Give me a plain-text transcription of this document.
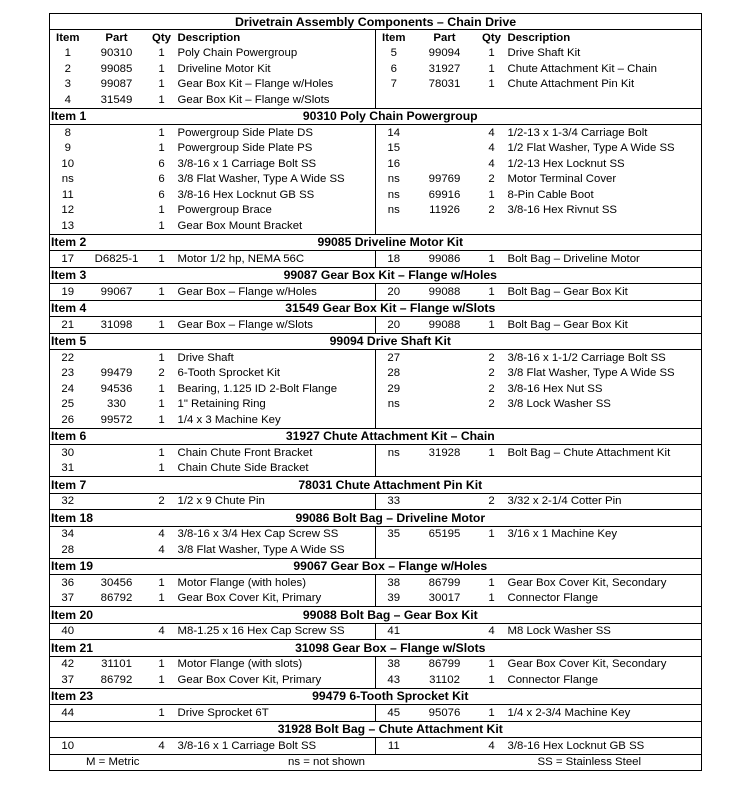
Drivetrain Assembly Components – Chain Drive							
Item	Part	Qty	Description	Item	Part	Qty	Description
1	90310	1	Poly Chain Powergroup	5	99094	1	Drive Shaft Kit
2	99085	1	Driveline Motor Kit	6	31927	1	Chute Attachment Kit – Chain
3	99087	1	Gear Box Kit – Flange w/Holes	7	78031	1	Chute Attachment Pin Kit
4	31549	1	Gear Box Kit – Flange w/Slots				
Item 1		90310 Poly Chain Powergroup					
8		1	Powergroup Side Plate DS	14		4	1/2-13 x 1-3/4 Carriage Bolt
9		1	Powergroup Side Plate PS	15		4	1/2 Flat Washer, Type A Wide SS
10		6	3/8-16 x 1 Carriage Bolt SS	16		4	1/2-13 Hex Locknut SS
ns		6	3/8 Flat Washer, Type A Wide SS	ns	99769	2	Motor Terminal Cover
11		6	3/8-16 Hex Locknut GB SS	ns	69916	1	8-Pin Cable Boot
12		1	Powergroup Brace	ns	11926	2	3/8-16 Hex Rivnut SS
13		1	Gear Box Mount Bracket				
Item 2		99085 Driveline Motor Kit					
17	D6825-1	1	Motor 1/2 hp, NEMA 56C	18	99086	1	Bolt Bag – Driveline Motor
Item 3		99087 Gear Box Kit – Flange w/Holes					
19	99067	1	Gear Box – Flange w/Holes	20	99088	1	Bolt Bag – Gear Box Kit
Item 4		31549 Gear Box Kit – Flange w/Slots					
21	31098	1	Gear Box – Flange w/Slots	20	99088	1	Bolt Bag – Gear Box Kit
Item 5		99094 Drive Shaft Kit					
22		1	Drive Shaft	27		2	3/8-16 x 1-1/2 Carriage Bolt SS
23	99479	2	6-Tooth Sprocket Kit	28		2	3/8 Flat Washer, Type A Wide SS
24	94536	1	Bearing, 1.125 ID 2-Bolt Flange	29		2	3/8-16 Hex Nut SS
25	330	1	1" Retaining Ring	ns		2	3/8 Lock Washer SS
26	99572	1	1/4 x 3 Machine Key				
Item 6		31927 Chute Attachment Kit – Chain					
30		1	Chain Chute Front Bracket	ns	31928	1	Bolt Bag – Chute Attachment Kit
31		1	Chain Chute Side Bracket				
Item 7		78031 Chute Attachment Pin Kit					
32		2	1/2 x 9 Chute Pin	33		2	3/32 x 2-1/4 Cotter Pin
Item 18		99086 Bolt Bag – Driveline Motor					
34		4	3/8-16 x 3/4 Hex Cap Screw SS	35	65195	1	3/16 x 1 Machine Key
28		4	3/8 Flat Washer, Type A Wide SS				
Item 19		99067 Gear Box – Flange w/Holes					
36	30456	1	Motor Flange (with holes)	38	86799	1	Gear Box Cover Kit, Secondary
37	86792	1	Gear Box Cover Kit, Primary	39	30017	1	Connector Flange
Item 20		99088 Bolt Bag – Gear Box Kit					
40		4	M8-1.25 x 16 Hex Cap Screw SS	41		4	M8 Lock Washer SS
Item 21		31098 Gear Box – Flange w/Slots					
42	31101	1	Motor Flange (with slots)	38	86799	1	Gear Box Cover Kit, Secondary
37	86792	1	Gear Box Cover Kit, Primary	43	31102	1	Connector Flange
Item 23		99479 6-Tooth Sprocket Kit					
44		1	Drive Sprocket 6T	45	95076	1	1/4 x 2-3/4 Machine Key
		31928 Bolt Bag – Chute Attachment Kit					
10		4	3/8-16 x 1 Carriage Bolt SS	11		4	3/8-16 Hex Locknut GB SS
M = Metric			ns = not shown			SS = Stainless Steel	
